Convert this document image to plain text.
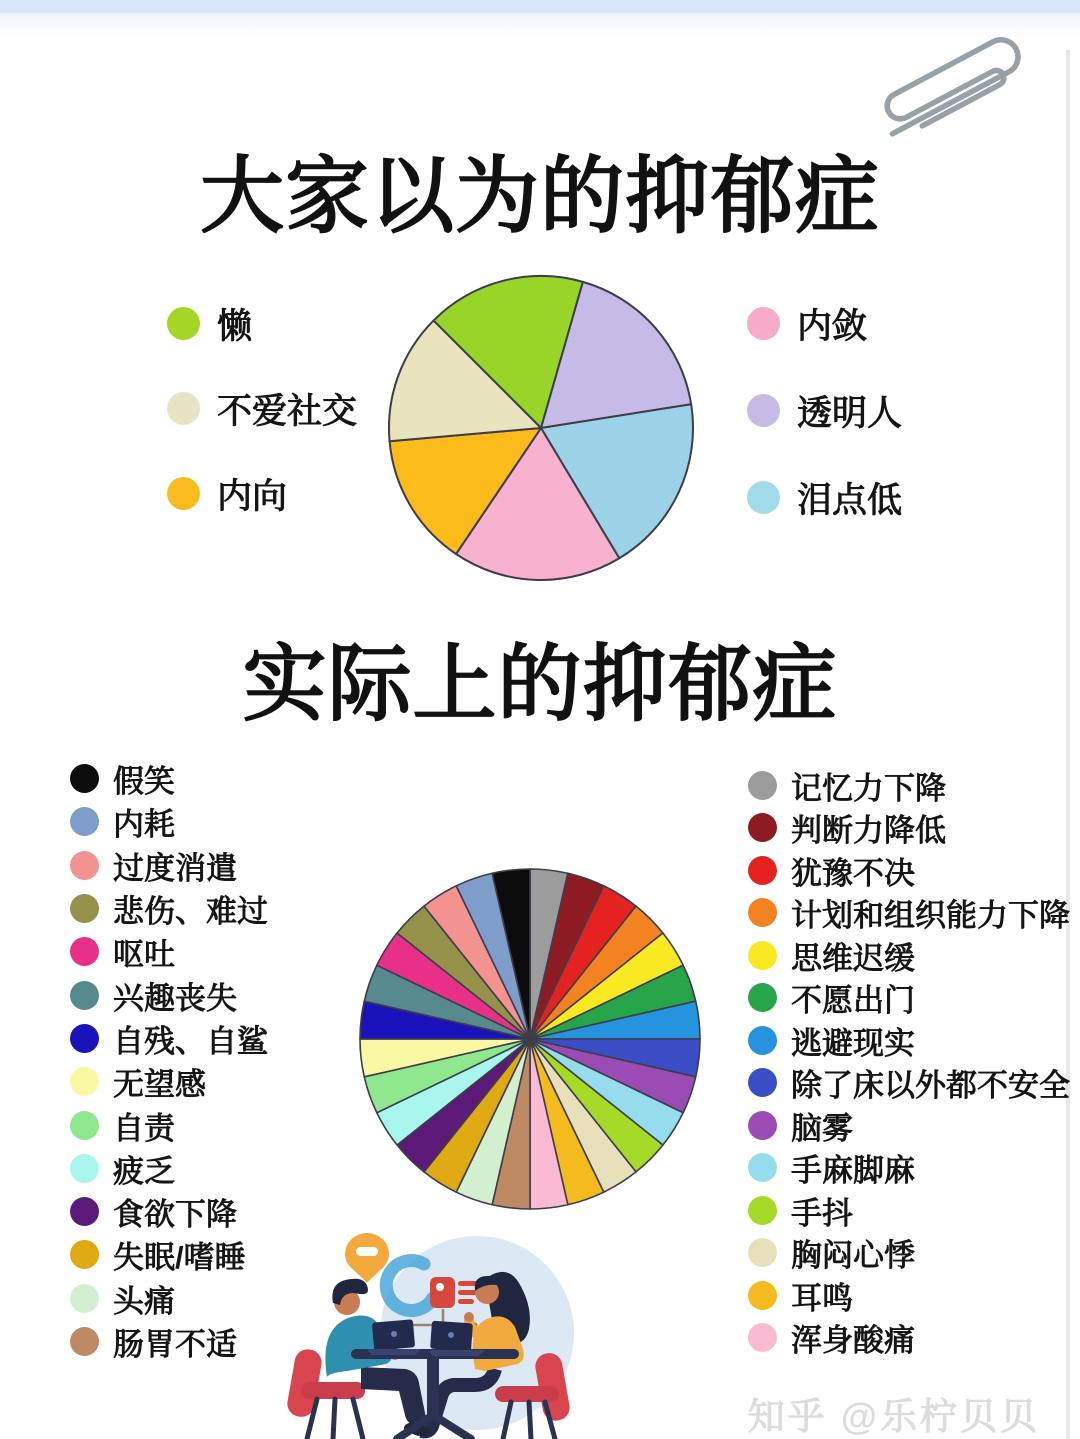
大家以为的抑郁症
懒
不爱社交
内向
内敛
透明人
泪点低
实际上的抑郁症
假笑
内耗
过度消遣
悲伤、难过
呕吐
兴趣丧失
自残、自鲨
无望感
自责
疲乏
食欲下降
失眠/嗜睡
头痛
肠胃不适
记忆力下降
判断力降低
犹豫不决
计划和组织能力下降
思维迟缓
不愿出门
逃避现实
除了床以外都不安全
脑雾
手麻脚麻
手抖
胸闷心悸
耳鸣
浑身酸痛
知乎 @乐柠贝贝
